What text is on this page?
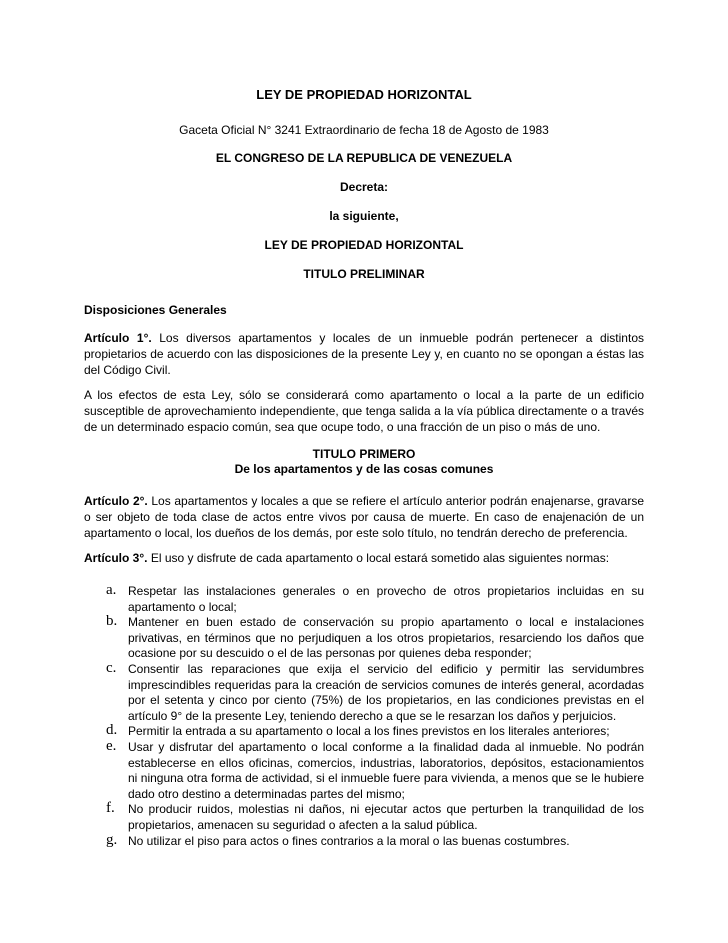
LEY DE PROPIEDAD HORIZONTAL
Gaceta Oficial N° 3241 Extraordinario de fecha 18 de Agosto de 1983
EL CONGRESO DE LA REPUBLICA DE VENEZUELA
Decreta:
la siguiente,
LEY DE PROPIEDAD HORIZONTAL
TITULO PRELIMINAR
Disposiciones Generales
Artículo 1°. Los diversos apartamentos y locales de un inmueble podrán pertenecer a distintos propietarios de acuerdo con las disposiciones de la presente Ley y, en cuanto no se opongan a éstas las del Código Civil.
A los efectos de esta Ley, sólo se considerará como apartamento o local a la parte de un edificio susceptible de aprovechamiento independiente, que tenga salida a la vía pública directamente o a través de un determinado espacio común, sea que ocupe todo, o una fracción de un piso o más de uno.
TITULO PRIMERO
De los apartamentos y de las cosas comunes
Artículo 2°. Los apartamentos y locales a que se refiere el artículo anterior podrán enajenarse, gravarse o ser objeto de toda clase de actos entre vivos por causa de muerte. En caso de enajenación de un apartamento o local, los dueños de los demás, por este solo título, no tendrán derecho de preferencia.
Artículo 3°. El uso y disfrute de cada apartamento o local estará sometido alas siguientes normas:
a. Respetar las instalaciones generales o en provecho de otros propietarios incluidas en su apartamento o local;
b. Mantener en buen estado de conservación su propio apartamento o local e instalaciones privativas, en términos que no perjudiquen a los otros propietarios, resarciendo los daños que ocasione por su descuido o el de las personas por quienes deba responder;
c. Consentir las reparaciones que exija el servicio del edificio y permitir las servidumbres imprescindibles requeridas para la creación de servicios comunes de interés general, acordadas por el setenta y cinco por ciento (75%) de los propietarios, en las condiciones previstas en el artículo 9° de la presente Ley, teniendo derecho a que se le resarzan los daños y perjuicios.
d. Permitir la entrada a su apartamento o local a los fines previstos en los literales anteriores;
e. Usar y disfrutar del apartamento o local conforme a la finalidad dada al inmueble. No podrán establecerse en ellos oficinas, comercios, industrias, laboratorios, depósitos, estacionamientos ni ninguna otra forma de actividad, si el inmueble fuere para vivienda, a menos que se le hubiere dado otro destino a determinadas partes del mismo;
f. No producir ruidos, molestias ni daños, ni ejecutar actos que perturben la tranquilidad de los propietarios, amenacen su seguridad o afecten a la salud pública.
g. No utilizar el piso para actos o fines contrarios a la moral o las buenas costumbres.
